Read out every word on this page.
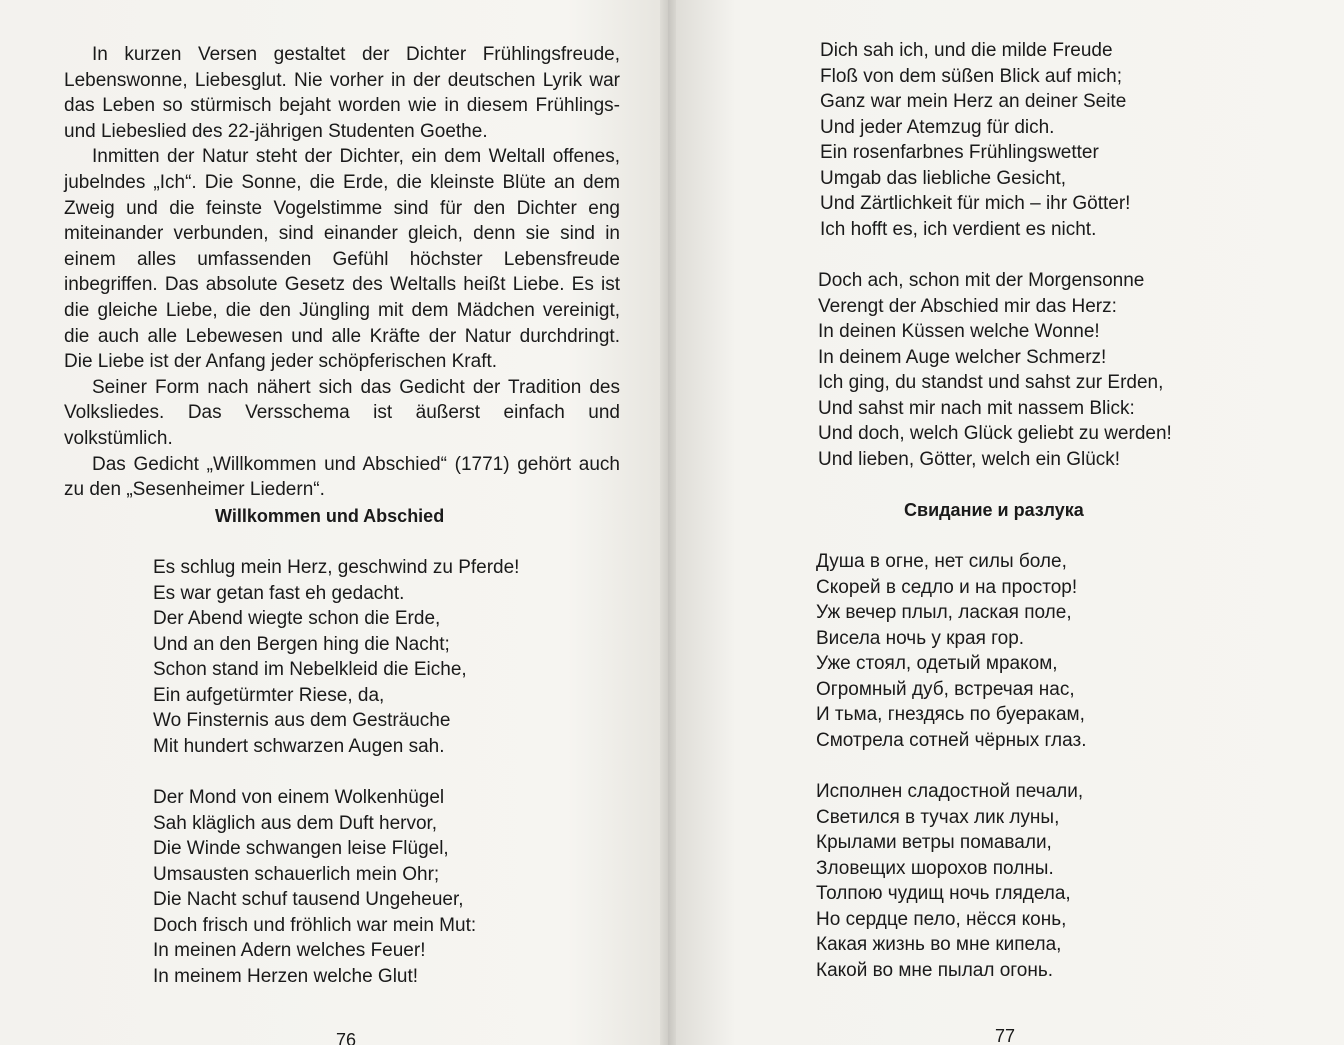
In kurzen Versen gestaltet der Dichter Frühlingsfreude, Lebenswonne, Liebesglut. Nie vorher in der deutschen Lyrik war das Leben so stürmisch bejaht worden wie in diesem Frühlings- und Liebeslied des 22-jährigen Studenten Goethe.

Inmitten der Natur steht der Dichter, ein dem Weltall offenes, jubelndes „Ich“. Die Sonne, die Erde, die kleinste Blüte an dem Zweig und die feinste Vogelstimme sind für den Dichter eng miteinander verbunden, sind einander gleich, denn sie sind in einem alles umfassenden Gefühl höchster Lebensfreude inbegriffen. Das absolute Gesetz des Weltalls heißt Liebe. Es ist die gleiche Liebe, die den Jüngling mit dem Mädchen vereinigt, die auch alle Lebewesen und alle Kräfte der Natur durchdringt. Die Liebe ist der Anfang jeder schöpferischen Kraft.

Seiner Form nach nähert sich das Gedicht der Tradition des Volksliedes. Das Versschema ist äußerst einfach und volkstümlich.

Das Gedicht „Willkommen und Abschied“ (1771) gehört auch zu den „Sesenheimer Liedern“.

Willkommen und Abschied
Es schlug mein Herz, geschwind zu Pferde!
Es war getan fast eh gedacht.
Der Abend wiegte schon die Erde,
Und an den Bergen hing die Nacht;
Schon stand im Nebelkleid die Eiche,
Ein aufgetürmter Riese, da,
Wo Finsternis aus dem Gesträuche
Mit hundert schwarzen Augen sah.
Der Mond von einem Wolkenhügel
Sah kläglich aus dem Duft hervor,
Die Winde schwangen leise Flügel,
Umsausten schauerlich mein Ohr;
Die Nacht schuf tausend Ungeheuer,
Doch frisch und fröhlich war mein Mut:
In meinen Adern welches Feuer!
In meinem Herzen welche Glut!
76
Dich sah ich, und die milde Freude
Floß von dem süßen Blick auf mich;
Ganz war mein Herz an deiner Seite
Und jeder Atemzug für dich.
Ein rosenfarbnes Frühlingswetter
Umgab das liebliche Gesicht,
Und Zärtlichkeit für mich – ihr Götter!
Ich hofft es, ich verdient es nicht.
Doch ach, schon mit der Morgensonne
Verengt der Abschied mir das Herz:
In deinen Küssen welche Wonne!
In deinem Auge welcher Schmerz!
Ich ging, du standst und sahst zur Erden,
Und sahst mir nach mit nassem Blick:
Und doch, welch Glück geliebt zu werden!
Und lieben, Götter, welch ein Glück!
Свидание и разлука
Душа в огне, нет силы боле,
Скорей в седло и на простор!
Уж вечер плыл, лаская поле,
Висела ночь у края гор.
Уже стоял, одетый мраком,
Огромный дуб, встречая нас,
И тьма, гнездясь по буеракам,
Смотрела сотней чёрных глаз.
Исполнен сладостной печали,
Светился в тучах лик луны,
Крылами ветры помавали,
Зловещих шорохов полны.
Толпою чудищ ночь глядела,
Но сердце пело, нёсся конь,
Какая жизнь во мне кипела,
Какой во мне пылал огонь.
77
